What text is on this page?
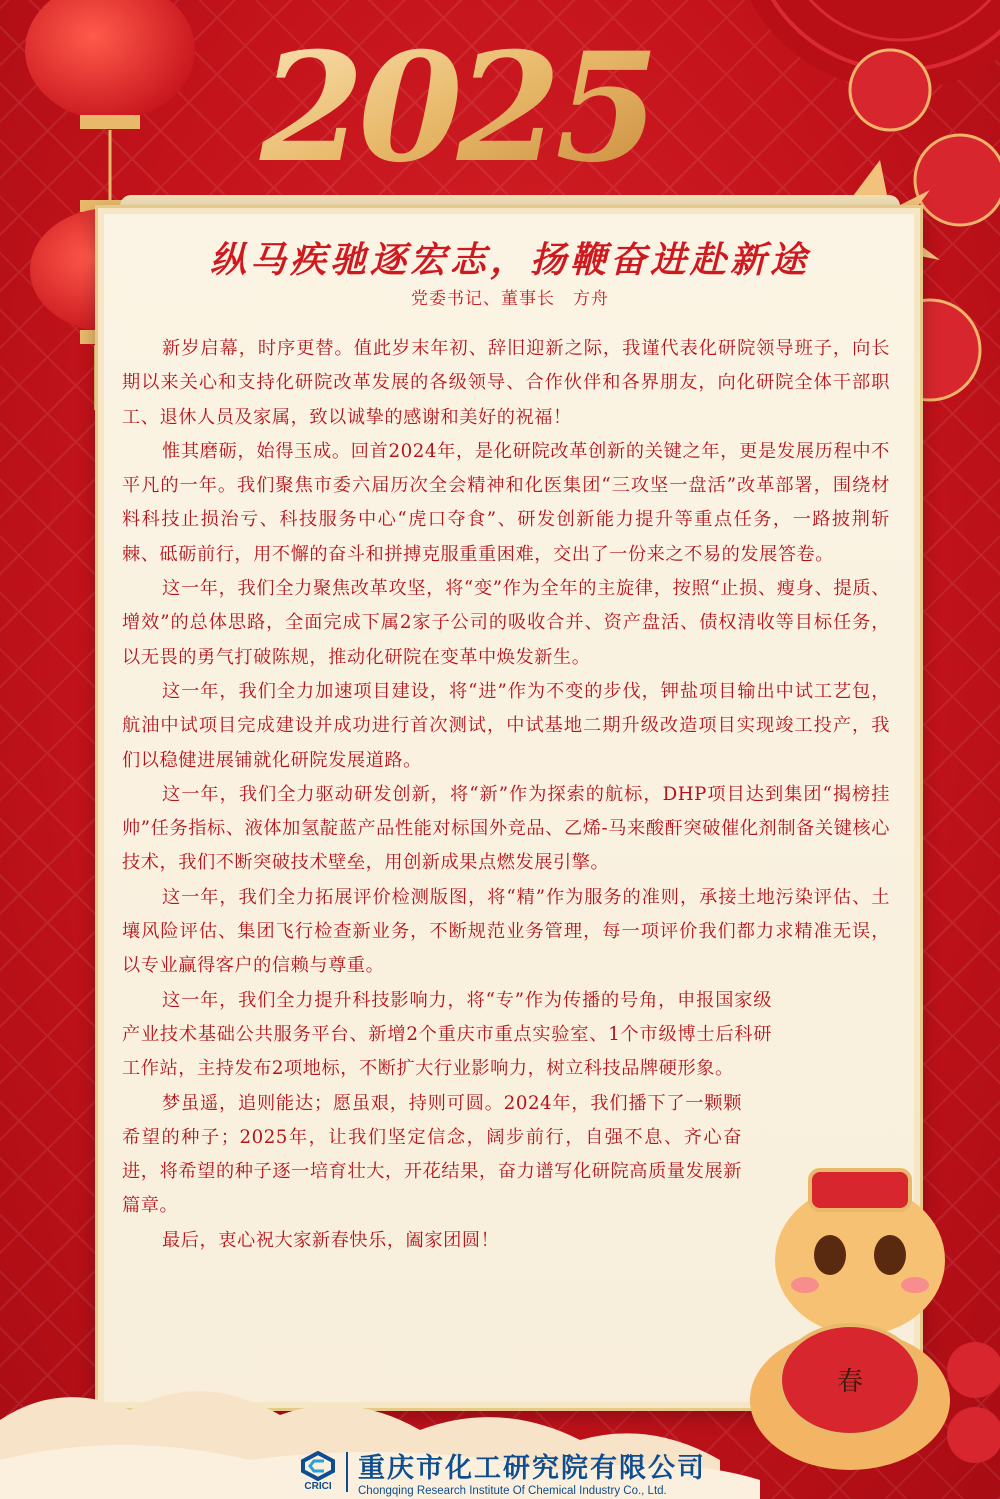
2025
纵马疾驰逐宏志，扬鞭奋进赴新途
党委书记、董事长　方舟

新岁启幕，时序更替。值此岁末年初、辞旧迎新之际，我谨代表化研院领导班子，向长期以来关心和支持化研院改革发展的各级领导、合作伙伴和各界朋友，向化研院全体干部职工、退休人员及家属，致以诚挚的感谢和美好的祝福！

惟其磨砺，始得玉成。回首2024年，是化研院改革创新的关键之年，更是发展历程中不平凡的一年。我们聚焦市委六届历次全会精神和化医集团“三攻坚一盘活”改革部署，围绕材料科技止损治亏、科技服务中心“虎口夺食”、研发创新能力提升等重点任务，一路披荆斩棘、砥砺前行，用不懈的奋斗和拼搏克服重重困难，交出了一份来之不易的发展答卷。

这一年，我们全力聚焦改革攻坚，将“变”作为全年的主旋律，按照“止损、瘦身、提质、增效”的总体思路，全面完成下属2家子公司的吸收合并、资产盘活、债权清收等目标任务，以无畏的勇气打破陈规，推动化研院在变革中焕发新生。

这一年，我们全力加速项目建设，将“进”作为不变的步伐，钾盐项目输出中试工艺包，航油中试项目完成建设并成功进行首次测试，中试基地二期升级改造项目实现竣工投产，我们以稳健进展铺就化研院发展道路。

这一年，我们全力驱动研发创新，将“新”作为探索的航标，DHP项目达到集团“揭榜挂帅”任务指标、液体加氢靛蓝产品性能对标国外竞品、乙烯-马来酸酐突破催化剂制备关键核心技术，我们不断突破技术壁垒，用创新成果点燃发展引擎。

这一年，我们全力拓展评价检测版图，将“精”作为服务的准则，承接土地污染评估、土壤风险评估、集团飞行检查新业务，不断规范业务管理，每一项评价我们都力求精准无误，以专业赢得客户的信赖与尊重。

这一年，我们全力提升科技影响力，将“专”作为传播的号角，申报国家级产业技术基础公共服务平台、新增2个重庆市重点实验室、1个市级博士后科研工作站，主持发布2项地标，不断扩大行业影响力，树立科技品牌硬形象。

梦虽遥，追则能达；愿虽艰，持则可圆。2024年，我们播下了一颗颗希望的种子；2025年，让我们坚定信念，阔步前行，自强不息、齐心奋进，将希望的种子逐一培育壮大，开花结果，奋力谱写化研院高质量发展新篇章。

最后，衷心祝大家新春快乐，阖家团圆！

春
CRICI
重庆市化工研究院有限公司
Chongqing Research Institute Of Chemical Industry Co., Ltd.
